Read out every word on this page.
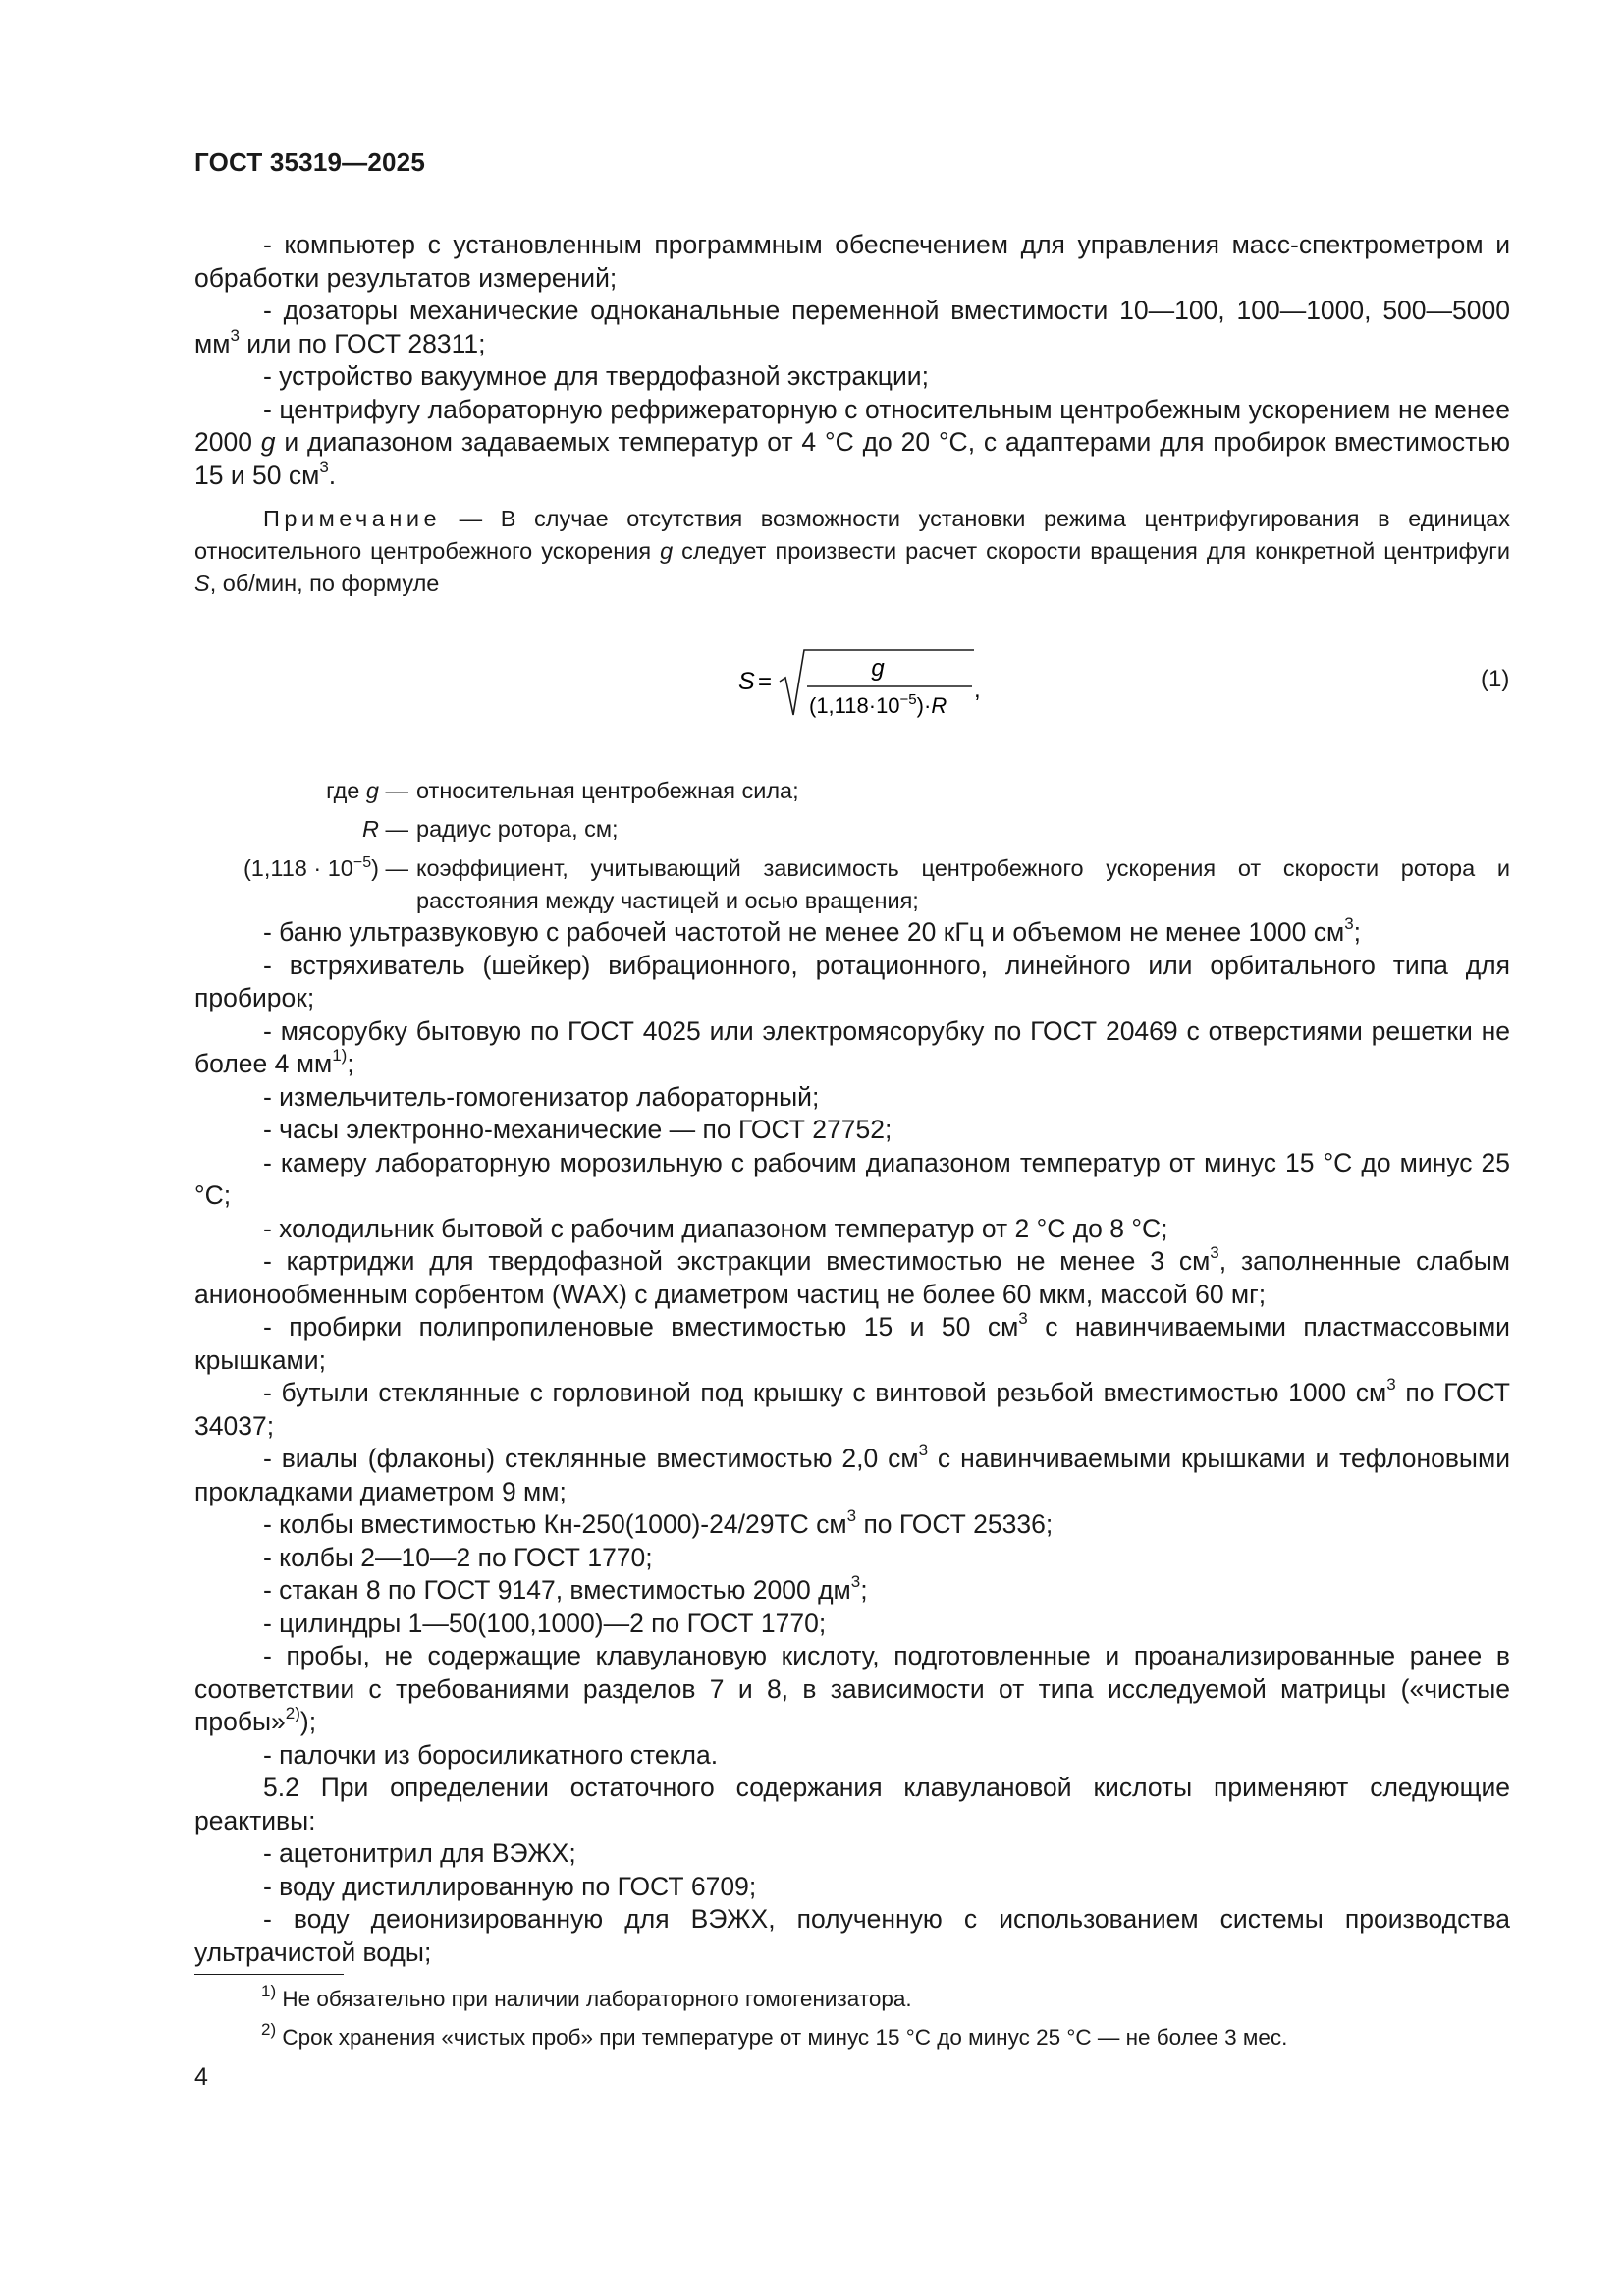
ГОСТ 35319—2025

- компьютер с установленным программным обеспечением для управления масс-спектрометром и обработки результатов измерений;

- дозаторы механические одноканальные переменной вместимости 10—100, 100—1000, 500—5000 $мм^3$ или по ГОСТ 28311;

- устройство вакуумное для твердофазной экстракции;

- центрифугу лабораторную рефрижераторную с относительным центробежным ускорением не менее 2000 g и диапазоном задаваемых температур от 4 °С до 20 °С, с адаптерами для пробирок вместимостью 15 и 50 $см^3$.

Примечание — В случае отсутствия возможности установки режима центрифугирования в единицах относительного центробежного ускорения g следует произвести расчет скорости вращения для конкретной центрифуги S, об/мин, по формуле

S =
g
$(1,118\cdot 10^{-5})\cdot R$
,	(1)
где g — относительная центробежная сила;
R — радиус ротора, см;
$(1,118 \cdot 10^{-5})$ — коэффициент, учитывающий зависимость центробежного ускорения от скорости ротора и расстояния между частицей и осью вращения;

- баню ультразвуковую с рабочей частотой не менее 20 кГц и объемом не менее 1000 $см^3$;

- встряхиватель (шейкер) вибрационного, ротационного, линейного или орбитального типа для пробирок;

- мясорубку бытовую по ГОСТ 4025 или электромясорубку по ГОСТ 20469 с отверстиями решетки не более 4 $мм^{1)}$;

- измельчитель-гомогенизатор лабораторный;

- часы электронно-механические — по ГОСТ 27752;

- камеру лабораторную морозильную с рабочим диапазоном температур от минус 15 °С до минус 25 °С;

- холодильник бытовой с рабочим диапазоном температур от 2 °С до 8 °С;

- картриджи для твердофазной экстракции вместимостью не менее 3 $см^3$, заполненные слабым анионообменным сорбентом (WAX) с диаметром частиц не более 60 мкм, массой 60 мг;

- пробирки полипропиленовые вместимостью 15 и 50 $см^3$ с навинчиваемыми пластмассовыми крышками;

- бутыли стеклянные с горловиной под крышку с винтовой резьбой вместимостью 1000 $см^3$ по ГОСТ 34037;

- виалы (флаконы) стеклянные вместимостью 2,0 $см^3$ с навинчиваемыми крышками и тефлоновыми прокладками диаметром 9 мм;

- колбы вместимостью Кн-250(1000)-24/29ТС $см^3$ по ГОСТ 25336;

- колбы 2—10—2 по ГОСТ 1770;

- стакан 8 по ГОСТ 9147, вместимостью 2000 $дм^3$;

- цилиндры 1—50(100,1000)—2 по ГОСТ 1770;

- пробы, не содержащие клавулановую кислоту, подготовленные и проанализированные ранее в соответствии с требованиями разделов 7 и 8, в зависимости от типа исследуемой матрицы («чистые пробы»$^{2)}$);

- палочки из боросиликатного стекла.

5.2 При определении остаточного содержания клавулановой кислоты применяют следующие реактивы:

- ацетонитрил для ВЭЖХ;

- воду дистиллированную по ГОСТ 6709;

- воду деионизированную для ВЭЖХ, полученную с использованием системы производства ультрачистой воды;

$^{1)}$ Не обязательно при наличии лабораторного гомогенизатора.
$^{2)}$ Срок хранения «чистых проб» при температуре от минус 15 °С до минус 25 °С — не более 3 мес.
4
